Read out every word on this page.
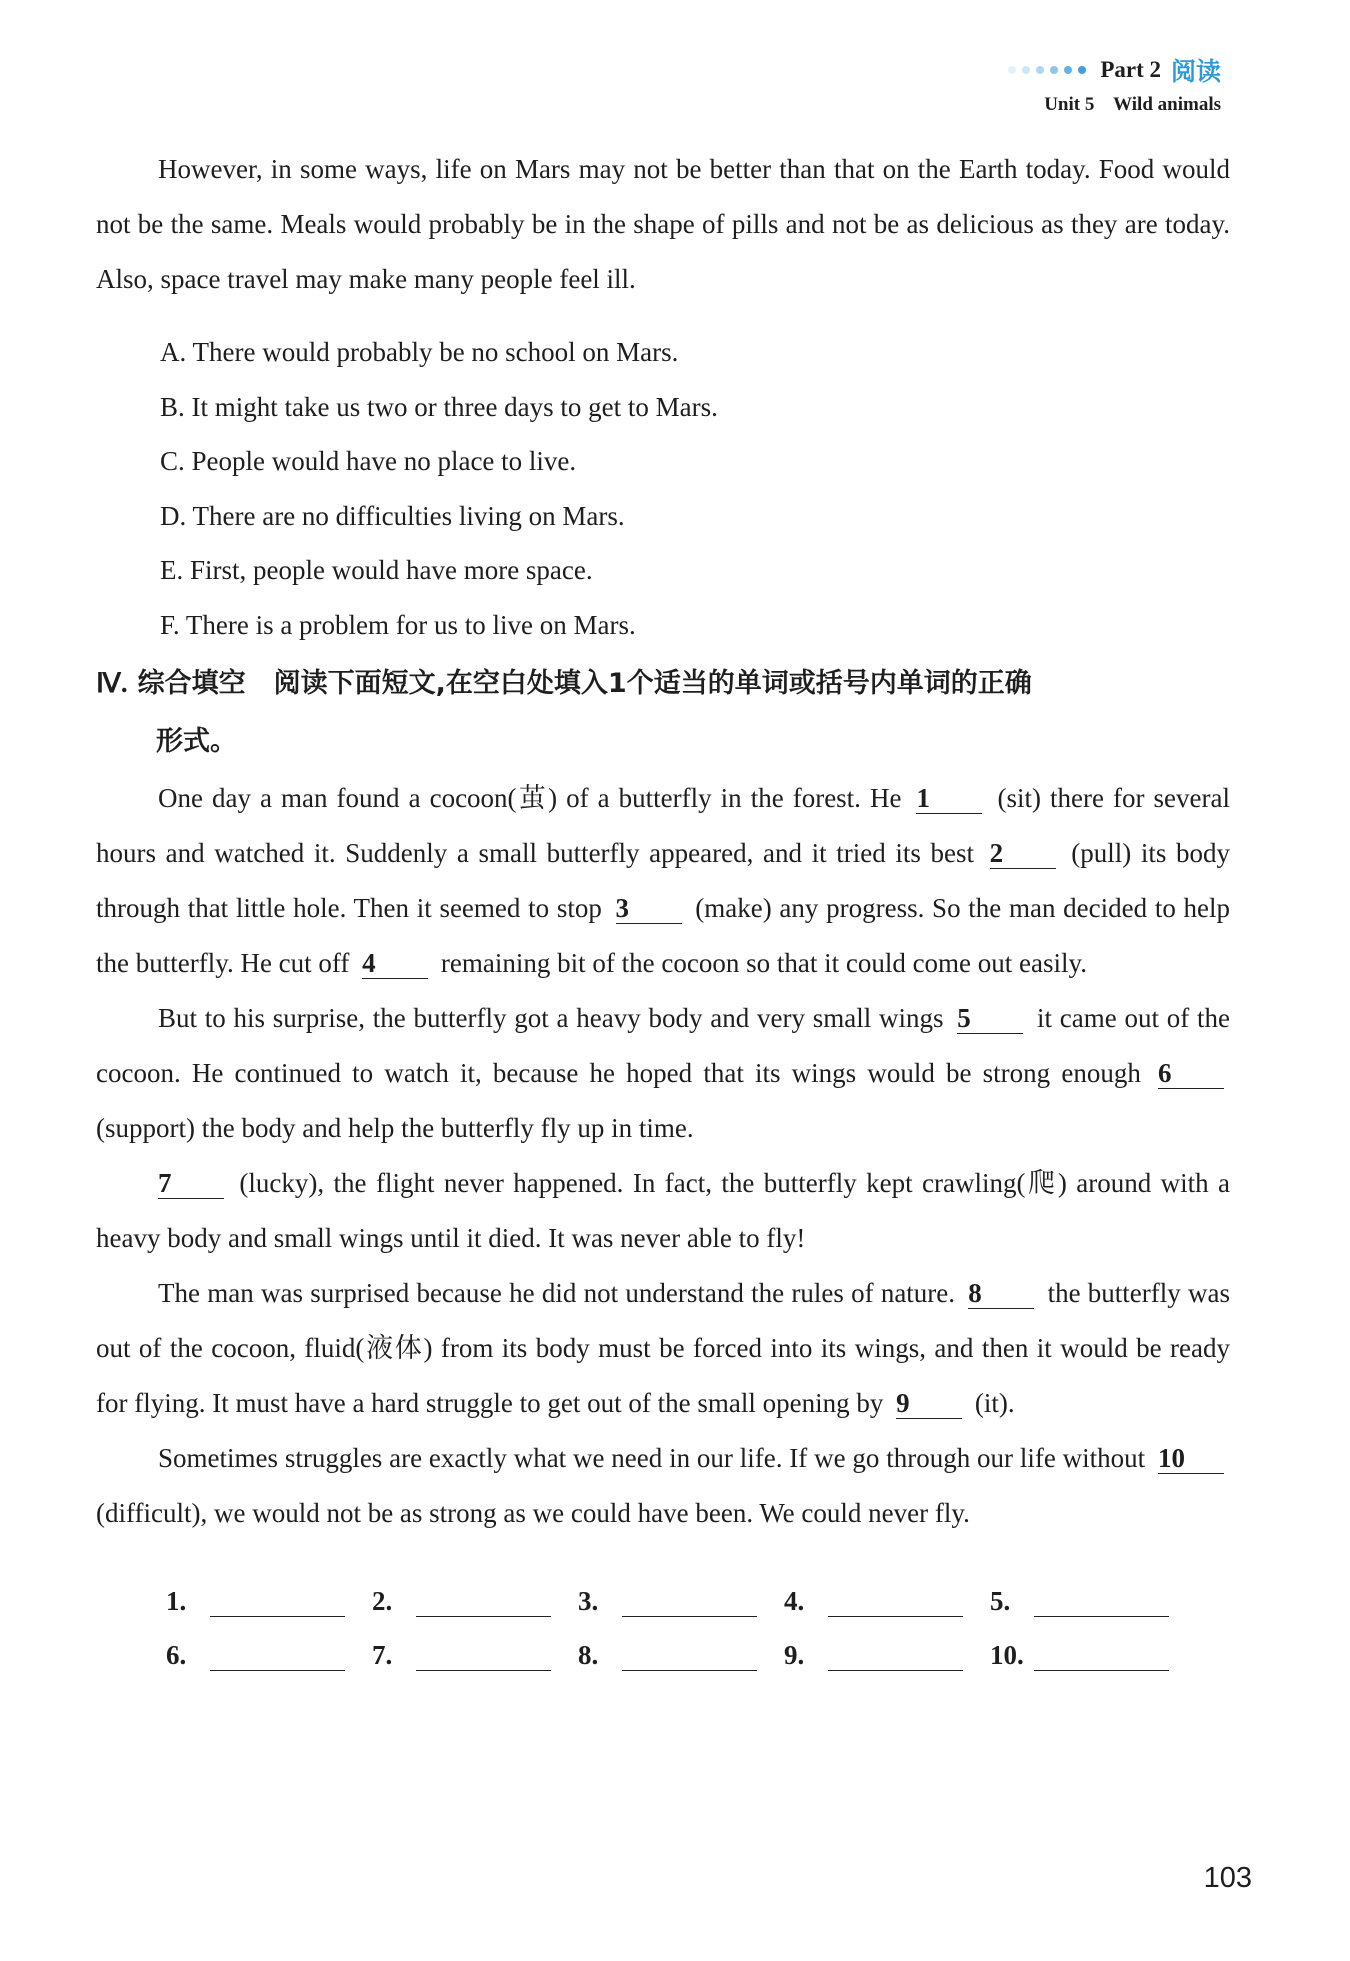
Part 2 阅读
Unit 5 Wild animals

However, in some ways, life on Mars may not be better than that on the Earth today. Food would not be the same. Meals would probably be in the shape of pills and not be as delicious as they are today. Also, space travel may make many people feel ill.

A. There would probably be no school on Mars.
B. It might take us two or three days to get to Mars.
C. People would have no place to live.
D. There are no difficulties living on Mars.
E. First, people would have more space.
F. There is a problem for us to live on Mars.
Ⅳ. 综合填空 阅读下面短文,在空白处填入1个适当的单词或括号内单词的正确
形式。

One day a man found a cocoon(茧) of a butterfly in the forest. He 1	(sit) there for several hours and watched it. Suddenly a small butterfly appeared, and it tried its best 2	(pull) its body through that little hole. Then it seemed to stop 3 (make) any progress. So the man decided to help the butterfly. He cut off 4 remaining bit of the cocoon so that it could come out easily.

But to his surprise, the butterfly got a heavy body and very small wings 5 it came out of the cocoon. He continued to watch it, because he hoped that its wings would be strong enough 6 (support) the body and help the butterfly fly up in time.

7	(lucky), the flight never happened. In fact, the butterfly kept crawling(爬) around with a heavy body and small wings until it died. It was never able to fly!

The man was surprised because he did not understand the rules of nature. 8 the butterfly was out of the cocoon, fluid(液体) from its body must be forced into its wings, and then it would be ready for flying. It must have a hard struggle to get out of the small opening by 9 (it).

Sometimes struggles are exactly what we need in our life. If we go through our life without 10 (difficult), we would not be as strong as we could have been. We could never fly.

1.	2.	3.	4.	5.
6.	7.	8.	9.	10.
103
